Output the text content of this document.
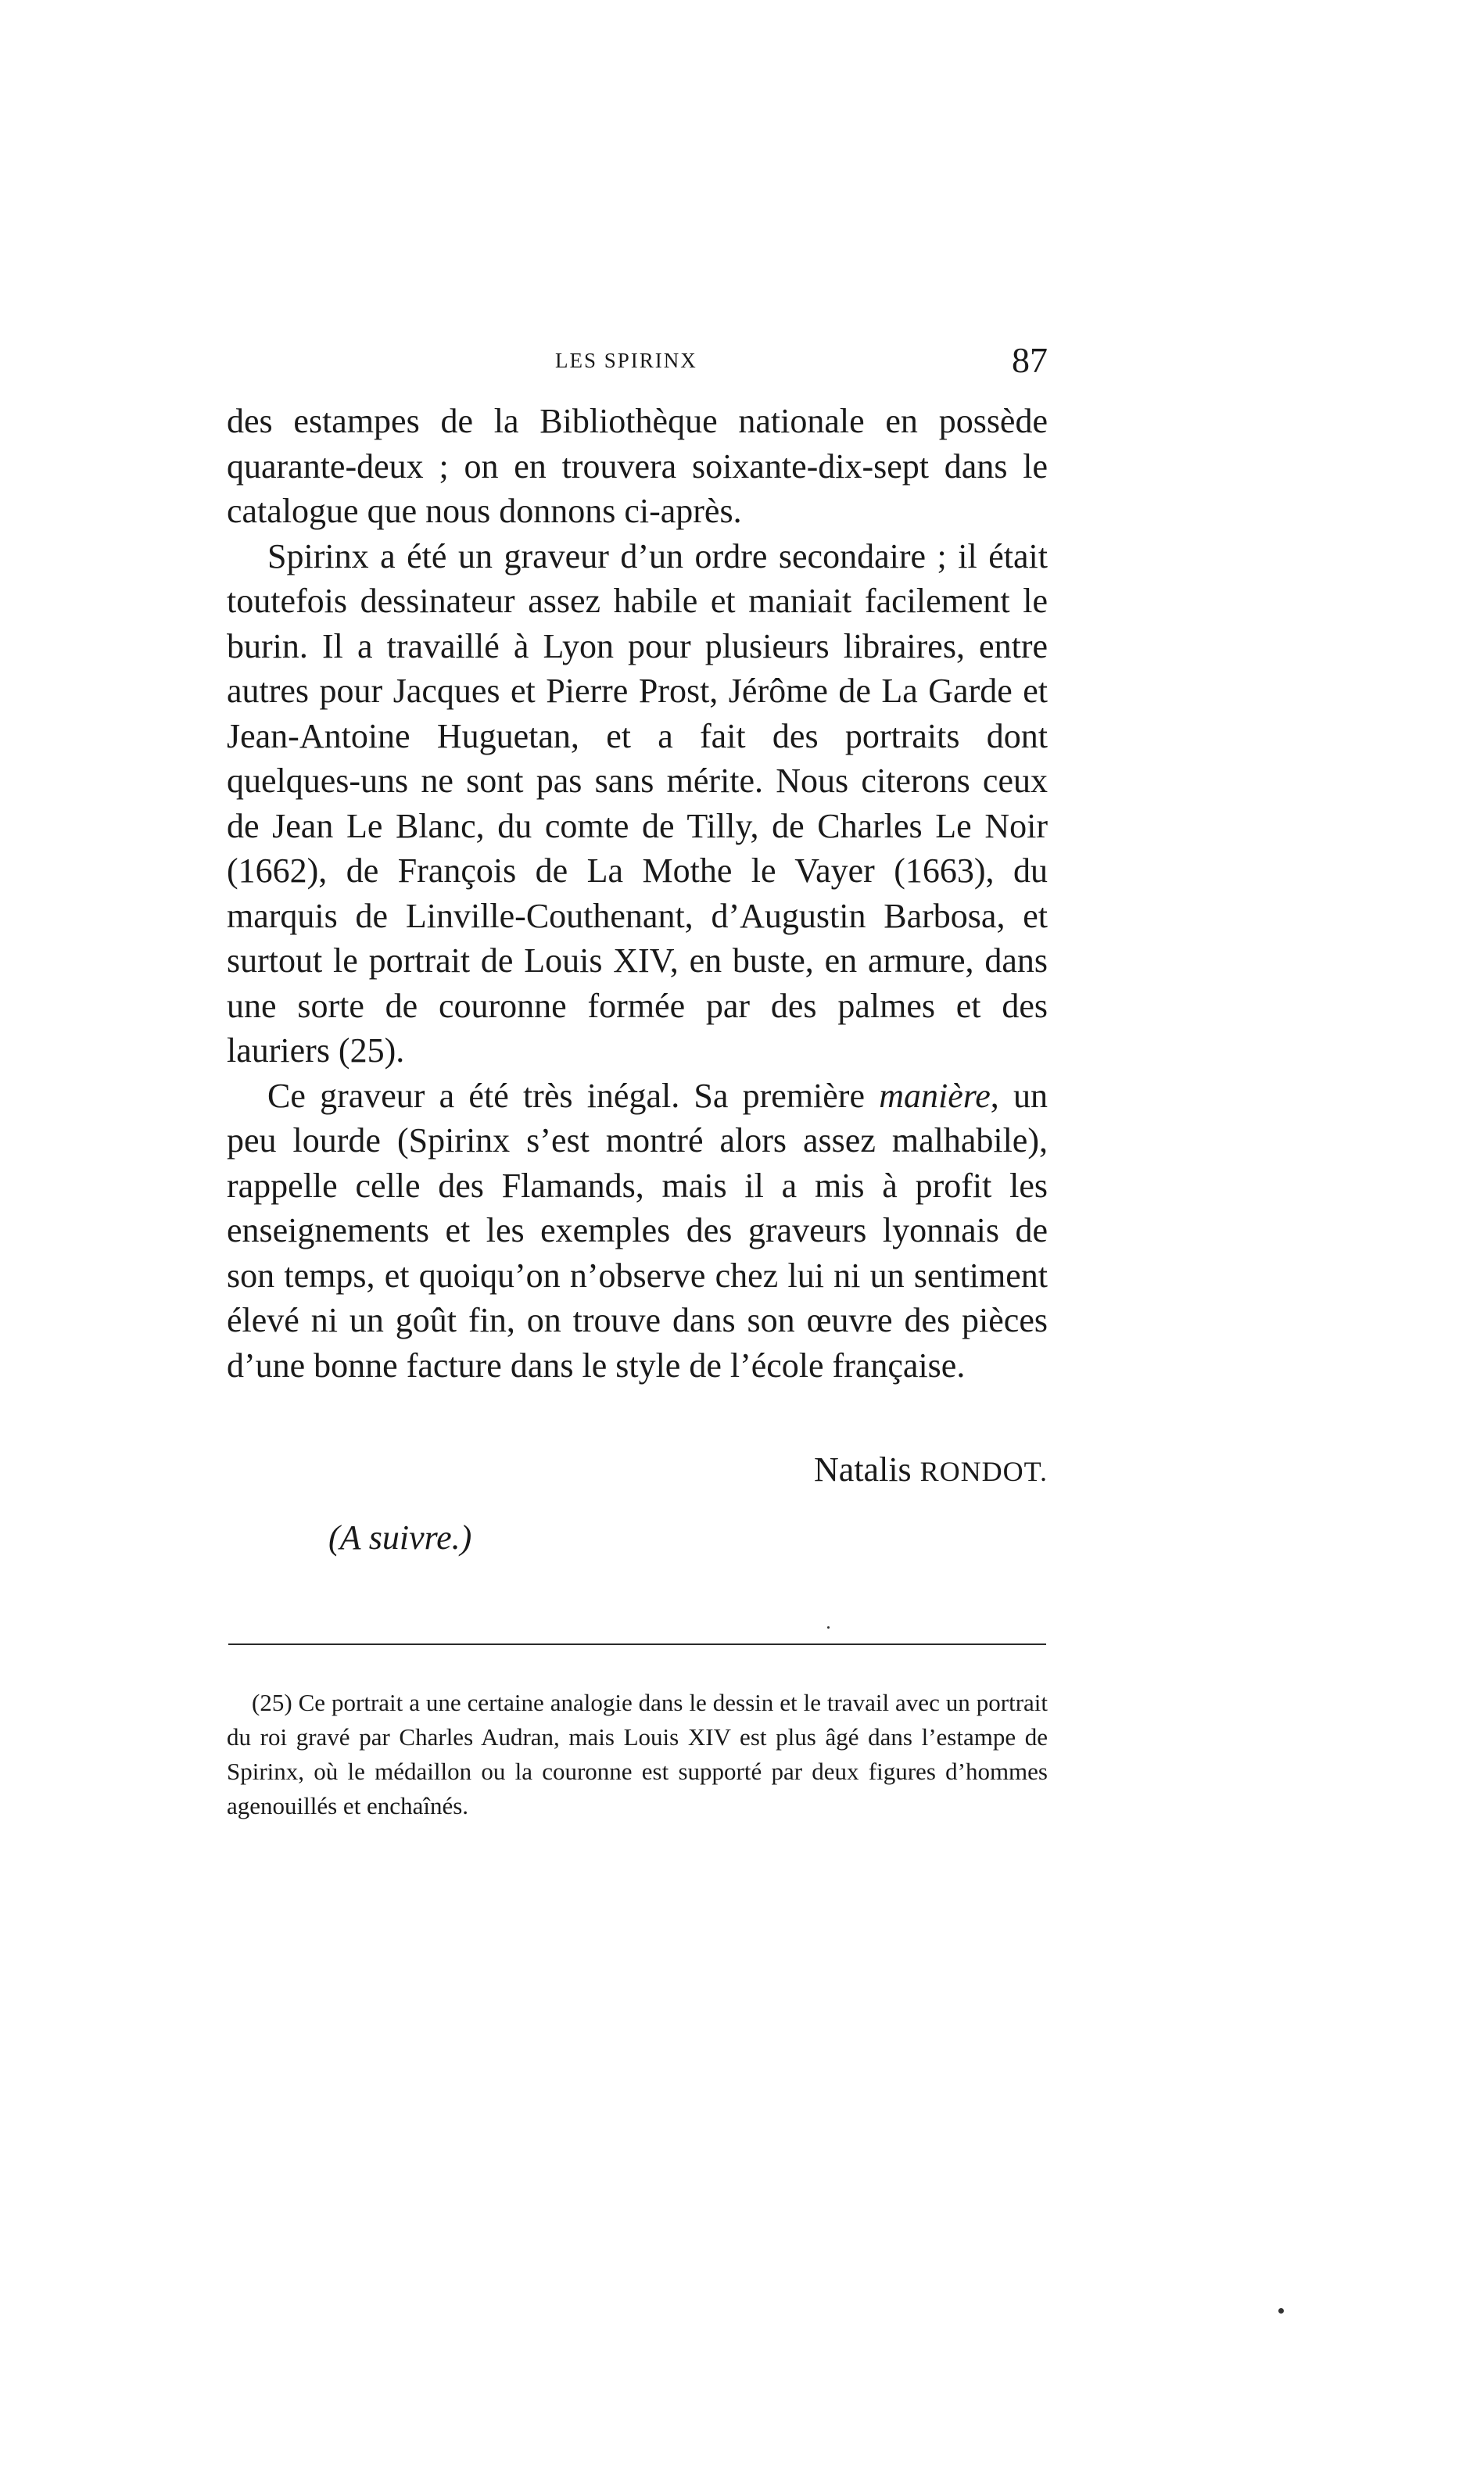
LES SPIRINX	87

des estampes de la Bibliothèque nationale en possède quarante-deux ; on en trouvera soixante-dix-sept dans le catalogue que nous donnons ci-après.

Spirinx a été un graveur d’un ordre secondaire ; il était toutefois dessinateur assez habile et maniait facilement le burin. Il a travaillé à Lyon pour plusieurs libraires, entre autres pour Jacques et Pierre Prost, Jérôme de La Garde et Jean-Antoine Huguetan, et a fait des portraits dont quelques-uns ne sont pas sans mérite. Nous citerons ceux de Jean Le Blanc, du comte de Tilly, de Charles Le Noir (1662), de François de La Mothe le Vayer (1663), du marquis de Linville-Couthenant, d’Augustin Barbosa, et surtout le portrait de Louis XIV, en buste, en armure, dans une sorte de couronne formée par des palmes et des lauriers (25).

Ce graveur a été très inégal. Sa première manière, un peu lourde (Spirinx s’est montré alors assez malhabile), rappelle celle des Flamands, mais il a mis à profit les enseignements et les exemples des graveurs lyonnais de son temps, et quoiqu’on n’observe chez lui ni un sentiment élevé ni un goût fin, on trouve dans son œuvre des pièces d’une bonne facture dans le style de l’école française.

Natalis RONDOT.
(A suivre.)

(25) Ce portrait a une certaine analogie dans le dessin et le travail avec un portrait du roi gravé par Charles Audran, mais Louis XIV est plus âgé dans l’estampe de Spirinx, où le médaillon ou la couronne est supporté par deux figures d’hommes agenouillés et enchaînés.
